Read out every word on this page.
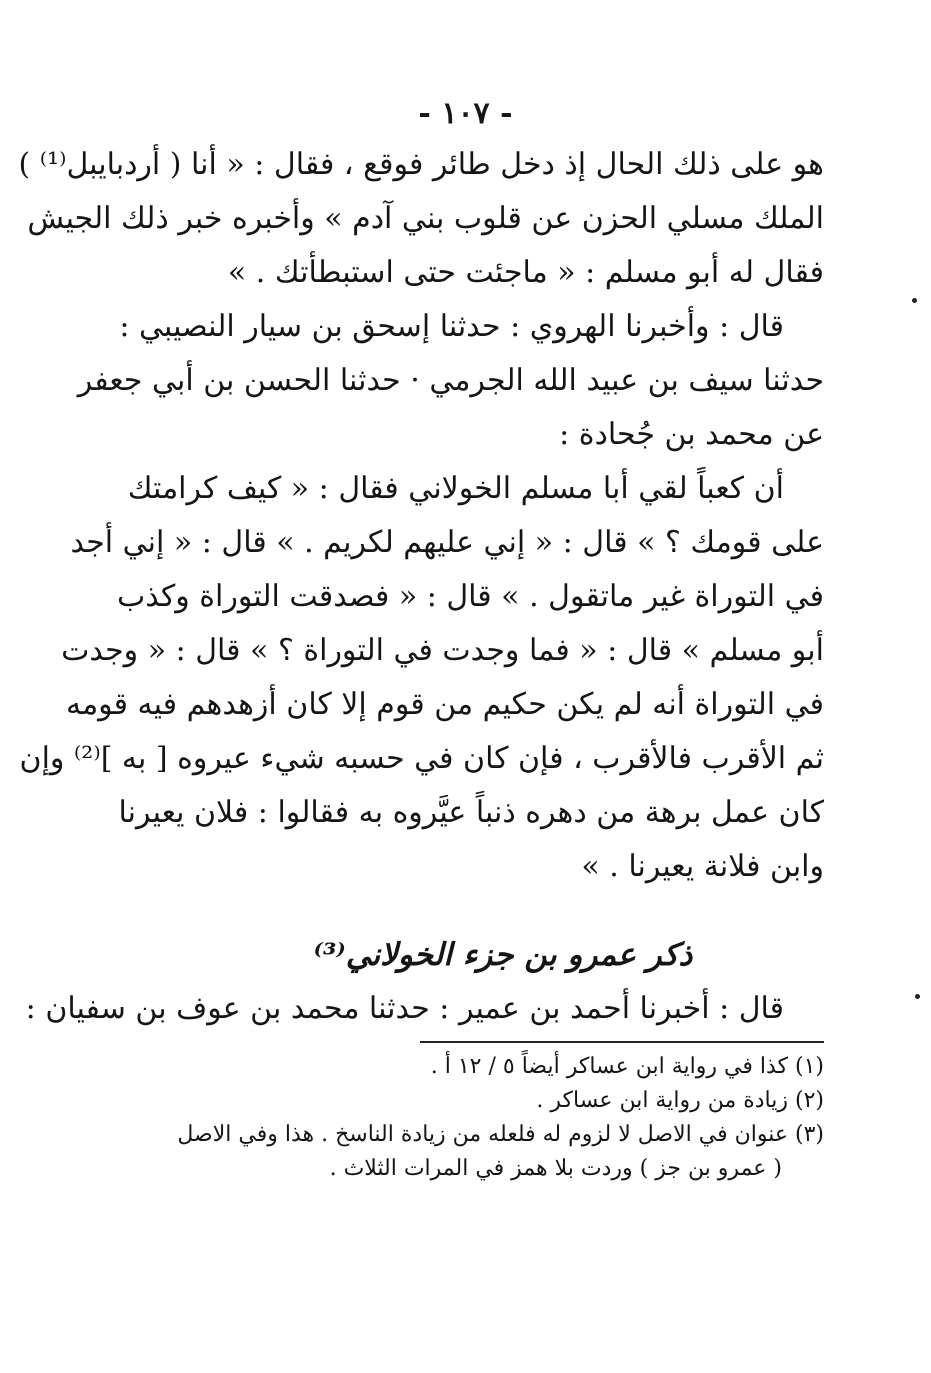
- ١٠٧ -
هو على ذلك الحال إذ دخل طائر فوقع ، فقال : « أنا ( أردبايبل⁽¹⁾ )
الملك مسلي الحزن عن قلوب بني آدم » وأخبره خبر ذلك الجيش
فقال له أبو مسلم : « ماجئت حتى استبطأتك . »
قال : وأخبرنا الهروي : حدثنا إسحق بن سيار النصيبي :
حدثنا سيف بن عبيد الله الجرمي · حدثنا الحسن بن أبي جعفر
عن محمد بن جُحادة :
أن كعباً لقي أبا مسلم الخولاني فقال : « كيف كرامتك
على قومك ؟ » قال : « إني عليهم لكريم . » قال : « إني أجد
في التوراة غير ماتقول . » قال : « فصدقت التوراة وكذب
أبو مسلم » قال : « فما وجدت في التوراة ؟ » قال : « وجدت
في التوراة أنه لم يكن حكيم من قوم إلا كان أزهدهم فيه قومه
ثم الأقرب فالأقرب ، فإن كان في حسبه شيء عيروه [ به ]⁽²⁾ وإن
كان عمل برهة من دهره ذنباً عيَّروه به فقالوا : فلان يعيرنا
وابن فلانة يعيرنا . »
ذكر عمرو بن جزء الخولاني⁽³⁾
قال : أخبرنا أحمد بن عمير : حدثنا محمد بن عوف بن سفيان :
(١) كذا في رواية ابن عساكر أيضاً ٥ / ١٢ أ .
(٢) زيادة من رواية ابن عساكر .
(٣) عنوان في الاصل لا لزوم له فلعله من زيادة الناسخ . هذا وفي الاصل
( عمرو بن جز ) وردت بلا همز في المرات الثلاث .
